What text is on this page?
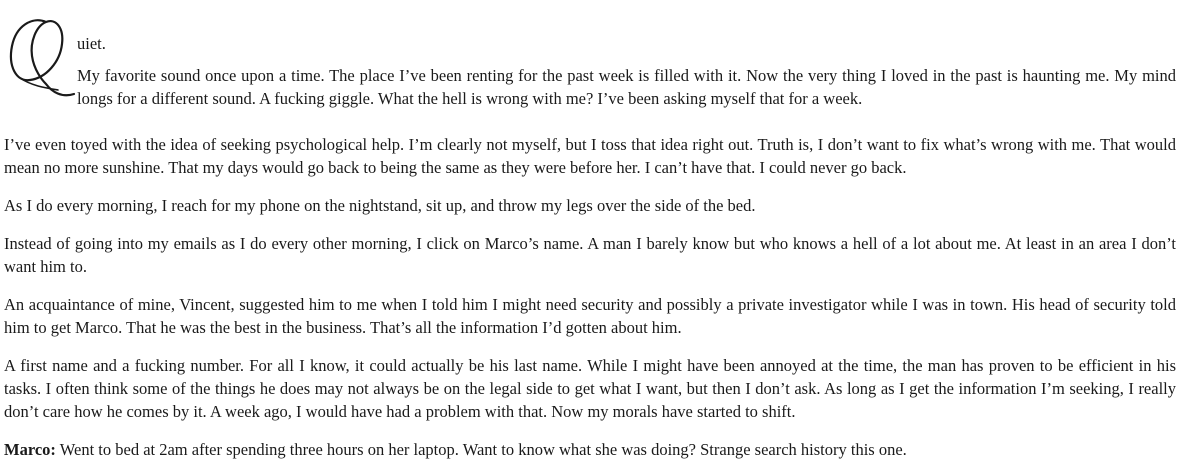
uiet.

My favorite sound once upon a time. The place I’ve been renting for the past week is filled with it. Now the very thing I loved in the past is haunting me. My mind longs for a different sound. A fucking giggle. What the hell is wrong with me? I’ve been asking myself that for a week.

I’ve even toyed with the idea of seeking psychological help. I’m clearly not myself, but I toss that idea right out. Truth is, I don’t want to fix what’s wrong with me. That would mean no more sunshine. That my days would go back to being the same as they were before her. I can’t have that. I could never go back.

As I do every morning, I reach for my phone on the nightstand, sit up, and throw my legs over the side of the bed.

Instead of going into my emails as I do every other morning, I click on Marco’s name. A man I barely know but who knows a hell of a lot about me. At least in an area I don’t want him to.

An acquaintance of mine, Vincent, suggested him to me when I told him I might need security and possibly a private investigator while I was in town. His head of security told him to get Marco. That he was the best in the business. That’s all the information I’d gotten about him.

A first name and a fucking number. For all I know, it could actually be his last name. While I might have been annoyed at the time, the man has proven to be efficient in his tasks. I often think some of the things he does may not always be on the legal side to get what I want, but then I don’t ask. As long as I get the information I’m seeking, I really don’t care how he comes by it. A week ago, I would have had a problem with that. Now my morals have started to shift.

Marco: Went to bed at 2am after spending three hours on her laptop. Want to know what she was doing? Strange search history this one.
